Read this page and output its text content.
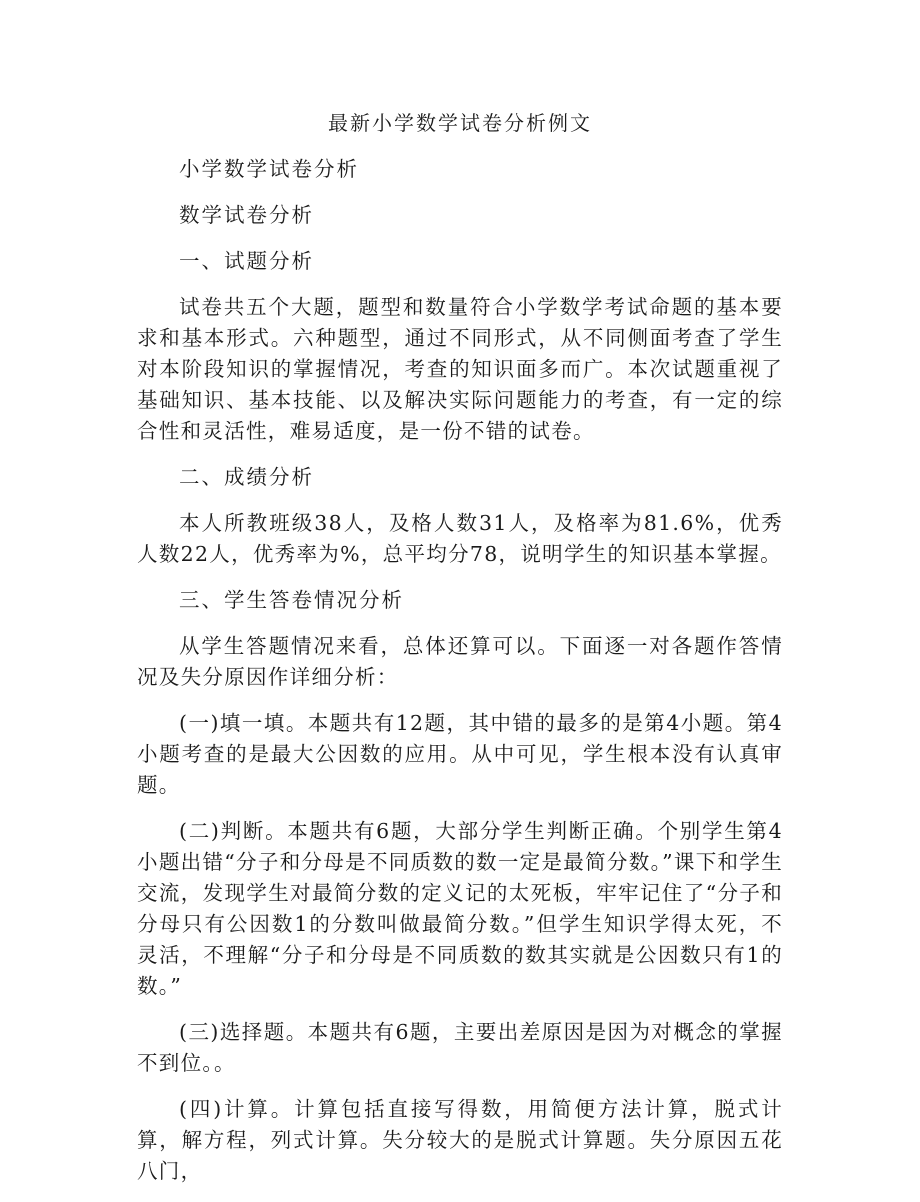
最新小学数学试卷分析例文

小学数学试卷分析

数学试卷分析

一、试题分析

试卷共五个大题，题型和数量符合小学数学考试命题的基本要求和基本形式。六种题型，通过不同形式，从不同侧面考查了学生对本阶段知识的掌握情况，考查的知识面多而广。本次试题重视了基础知识、基本技能、以及解决实际问题能力的考查，有一定的综合性和灵活性，难易适度，是一份不错的试卷。

二、成绩分析

本人所教班级38人，及格人数31人，及格率为81.6%，优秀人数22人，优秀率为%，总平均分78，说明学生的知识基本掌握。

三、学生答卷情况分析

从学生答题情况来看，总体还算可以。下面逐一对各题作答情况及失分原因作详细分析：

(一)填一填。本题共有12题，其中错的最多的是第4小题。第4小题考查的是最大公因数的应用。从中可见，学生根本没有认真审题。

(二)判断。本题共有6题，大部分学生判断正确。个别学生第4小题出错“分子和分母是不同质数的数一定是最简分数。”课下和学生交流，发现学生对最简分数的定义记的太死板，牢牢记住了“分子和分母只有公因数1的分数叫做最简分数。”但学生知识学得太死，不灵活，不理解“分子和分母是不同质数的数其实就是公因数只有1的数。”

(三)选择题。本题共有6题，主要出差原因是因为对概念的掌握不到位。。

(四)计算。计算包括直接写得数，用简便方法计算，脱式计算，解方程，列式计算。失分较大的是脱式计算题。失分原因五花八门，
